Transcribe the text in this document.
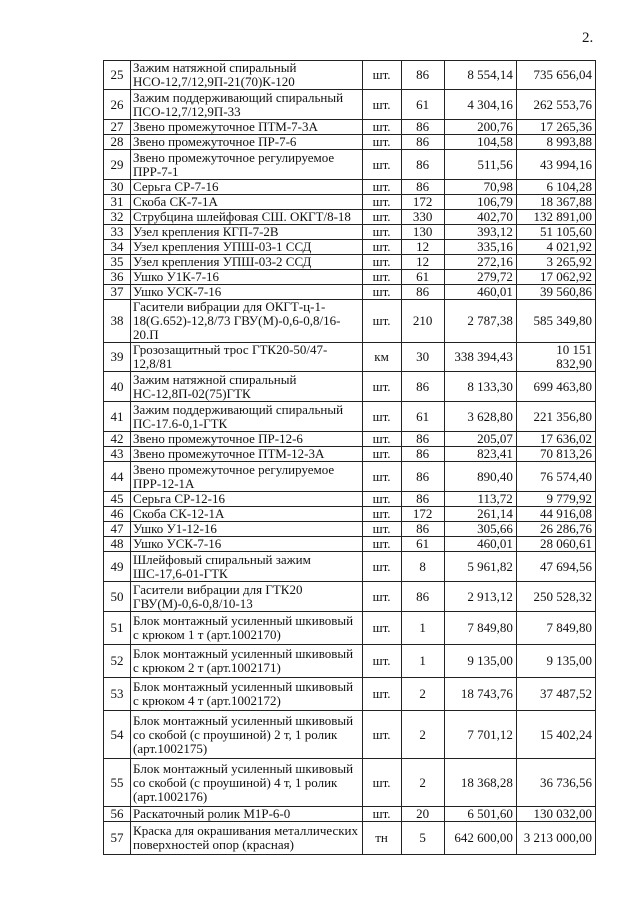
2.
25	Зажим натяжной спиральный НСО-12,7/12,9П-21(70)К-120	шт.	86	8 554,14	735 656,04
26	Зажим поддерживающий спиральный ПСО-12,7/12,9П-33	шт.	61	4 304,16	262 553,76
27	Звено промежуточное ПТМ-7-3А	шт.	86	200,76	17 265,36
28	Звено промежуточное ПР-7-6	шт.	86	104,58	8 993,88
29	Звено промежуточное регулируемое ПРР-7-1	шт.	86	511,56	43 994,16
30	Серьга СР-7-16	шт.	86	70,98	6 104,28
31	Скоба СК-7-1А	шт.	172	106,79	18 367,88
32	Струбцина шлейфовая СШ. ОКГТ/8-18	шт.	330	402,70	132 891,00
33	Узел крепления КГП-7-2В	шт.	130	393,12	51 105,60
34	Узел крепления УПШ-03-1 ССД	шт.	12	335,16	4 021,92
35	Узел крепления УПШ-03-2 ССД	шт.	12	272,16	3 265,92
36	Ушко У1К-7-16	шт.	61	279,72	17 062,92
37	Ушко УСК-7-16	шт.	86	460,01	39 560,86
38	Гасители вибрации для ОКГТ-ц-1-18(G.652)-12,8/73 ГВУ(М)-0,6-0,8/16-20.П	шт.	210	2 787,38	585 349,80
39	Грозозащитный трос ГТК20-50/47-12,8/81	км	30	338 394,43	10 151 832,90
40	Зажим натяжной спиральный НС-12,8П-02(75)ГТК	шт.	86	8 133,30	699 463,80
41	Зажим поддерживающий спиральный ПС-17.6-0,1-ГТК	шт.	61	3 628,80	221 356,80
42	Звено промежуточное ПР-12-6	шт.	86	205,07	17 636,02
43	Звено промежуточное ПТМ-12-3А	шт.	86	823,41	70 813,26
44	Звено промежуточное регулируемое ПРР-12-1А	шт.	86	890,40	76 574,40
45	Серьга СР-12-16	шт.	86	113,72	9 779,92
46	Скоба СК-12-1А	шт.	172	261,14	44 916,08
47	Ушко У1-12-16	шт.	86	305,66	26 286,76
48	Ушко УСК-7-16	шт.	61	460,01	28 060,61
49	Шлейфовый спиральный зажим ШС-17,6-01-ГТК	шт.	8	5 961,82	47 694,56
50	Гасители вибрации для ГТК20 ГВУ(М)-0,6-0,8/10-13	шт.	86	2 913,12	250 528,32
51	Блок монтажный усиленный шкивовый с крюком 1 т (арт.1002170)	шт.	1	7 849,80	7 849,80
52	Блок монтажный усиленный шкивовый с крюком 2 т (арт.1002171)	шт.	1	9 135,00	9 135,00
53	Блок монтажный усиленный шкивовый с крюком 4 т (арт.1002172)	шт.	2	18 743,76	37 487,52
54	Блок монтажный усиленный шкивовый со скобой (с проушиной) 2 т, 1 ролик (арт.1002175)	шт.	2	7 701,12	15 402,24
55	Блок монтажный усиленный шкивовый со скобой (с проушиной) 4 т, 1 ролик (арт.1002176)	шт.	2	18 368,28	36 736,56
56	Раскаточный ролик М1Р-6-0	шт.	20	6 501,60	130 032,00
57	Краска для окрашивания металлических поверхностей опор (красная)	тн	5	642 600,00	3 213 000,00
